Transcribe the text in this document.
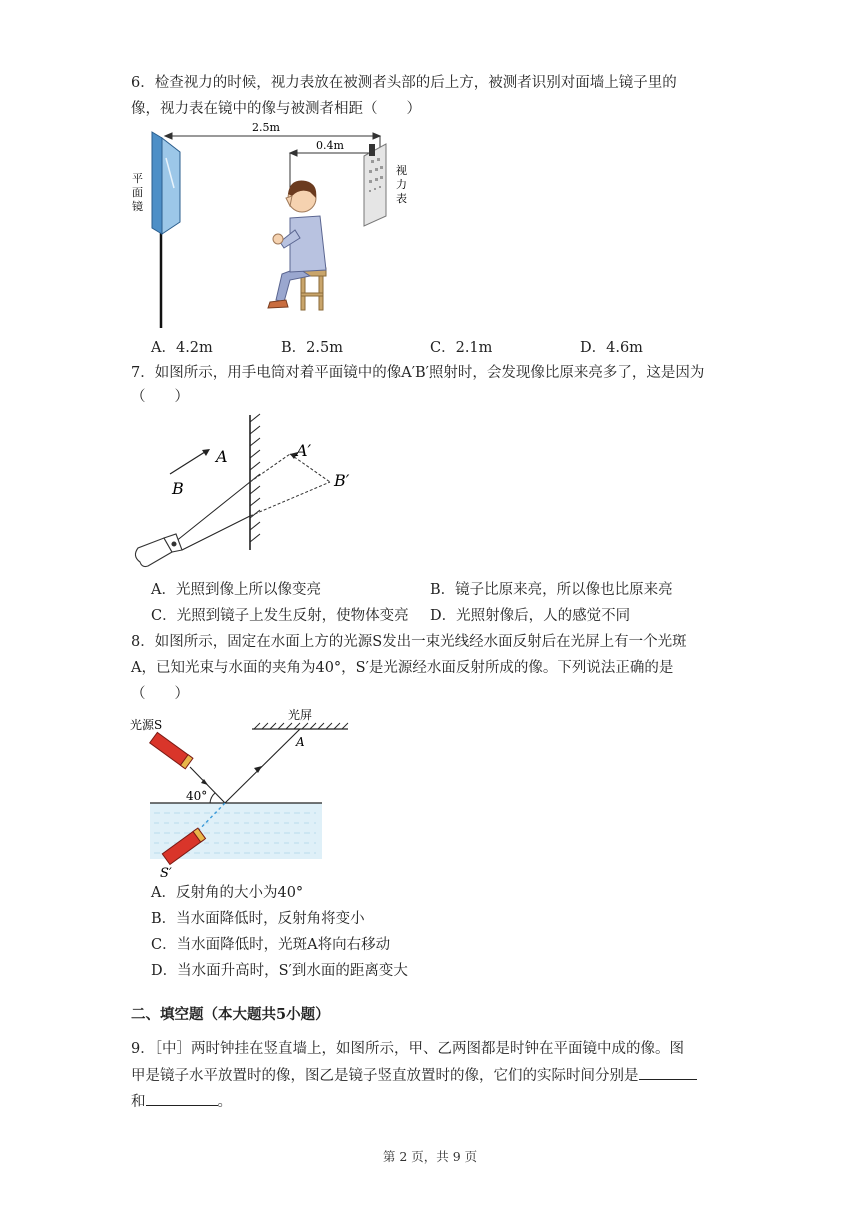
6．检查视力的时候，视力表放在被测者头部的后上方，被测者识别对面墙上镜子里的
像，视力表在镜中的像与被测者相距（　　）
2.5m
0.4m
平
面
镜
视
力
表
A．4.2m	B．2.5m	C．2.1m	D．4.6m
7．如图所示，用手电筒对着平面镜中的像A′B′照射时，会发现像比原来亮多了，这是因为
（　　）
A
B
A′
B′
A．光照到像上所以像变亮	B．镜子比原来亮，所以像也比原来亮
C．光照到镜子上发生反射，使物体变亮 D．光照射像后，人的感觉不同
8．如图所示，固定在水面上方的光源S发出一束光线经水面反射后在光屏上有一个光斑
A，已知光束与水面的夹角为40°，S′是光源经水面反射所成的像。下列说法正确的是
（　　）
光屏
A
光源S
40°
S′
A．反射角的大小为40°
B．当水面降低时，反射角将变小
C．当水面降低时，光斑A将向右移动
D．当水面升高时，S′到水面的距离变大
二、填空题（本大题共5小题）
9．［中］两时钟挂在竖直墙上，如图所示，甲、乙两图都是时钟在平面镜中成的像。图
甲是镜子水平放置时的像，图乙是镜子竖直放置时的像，它们的实际时间分别是
和	。
第 2 页，共 9 页
